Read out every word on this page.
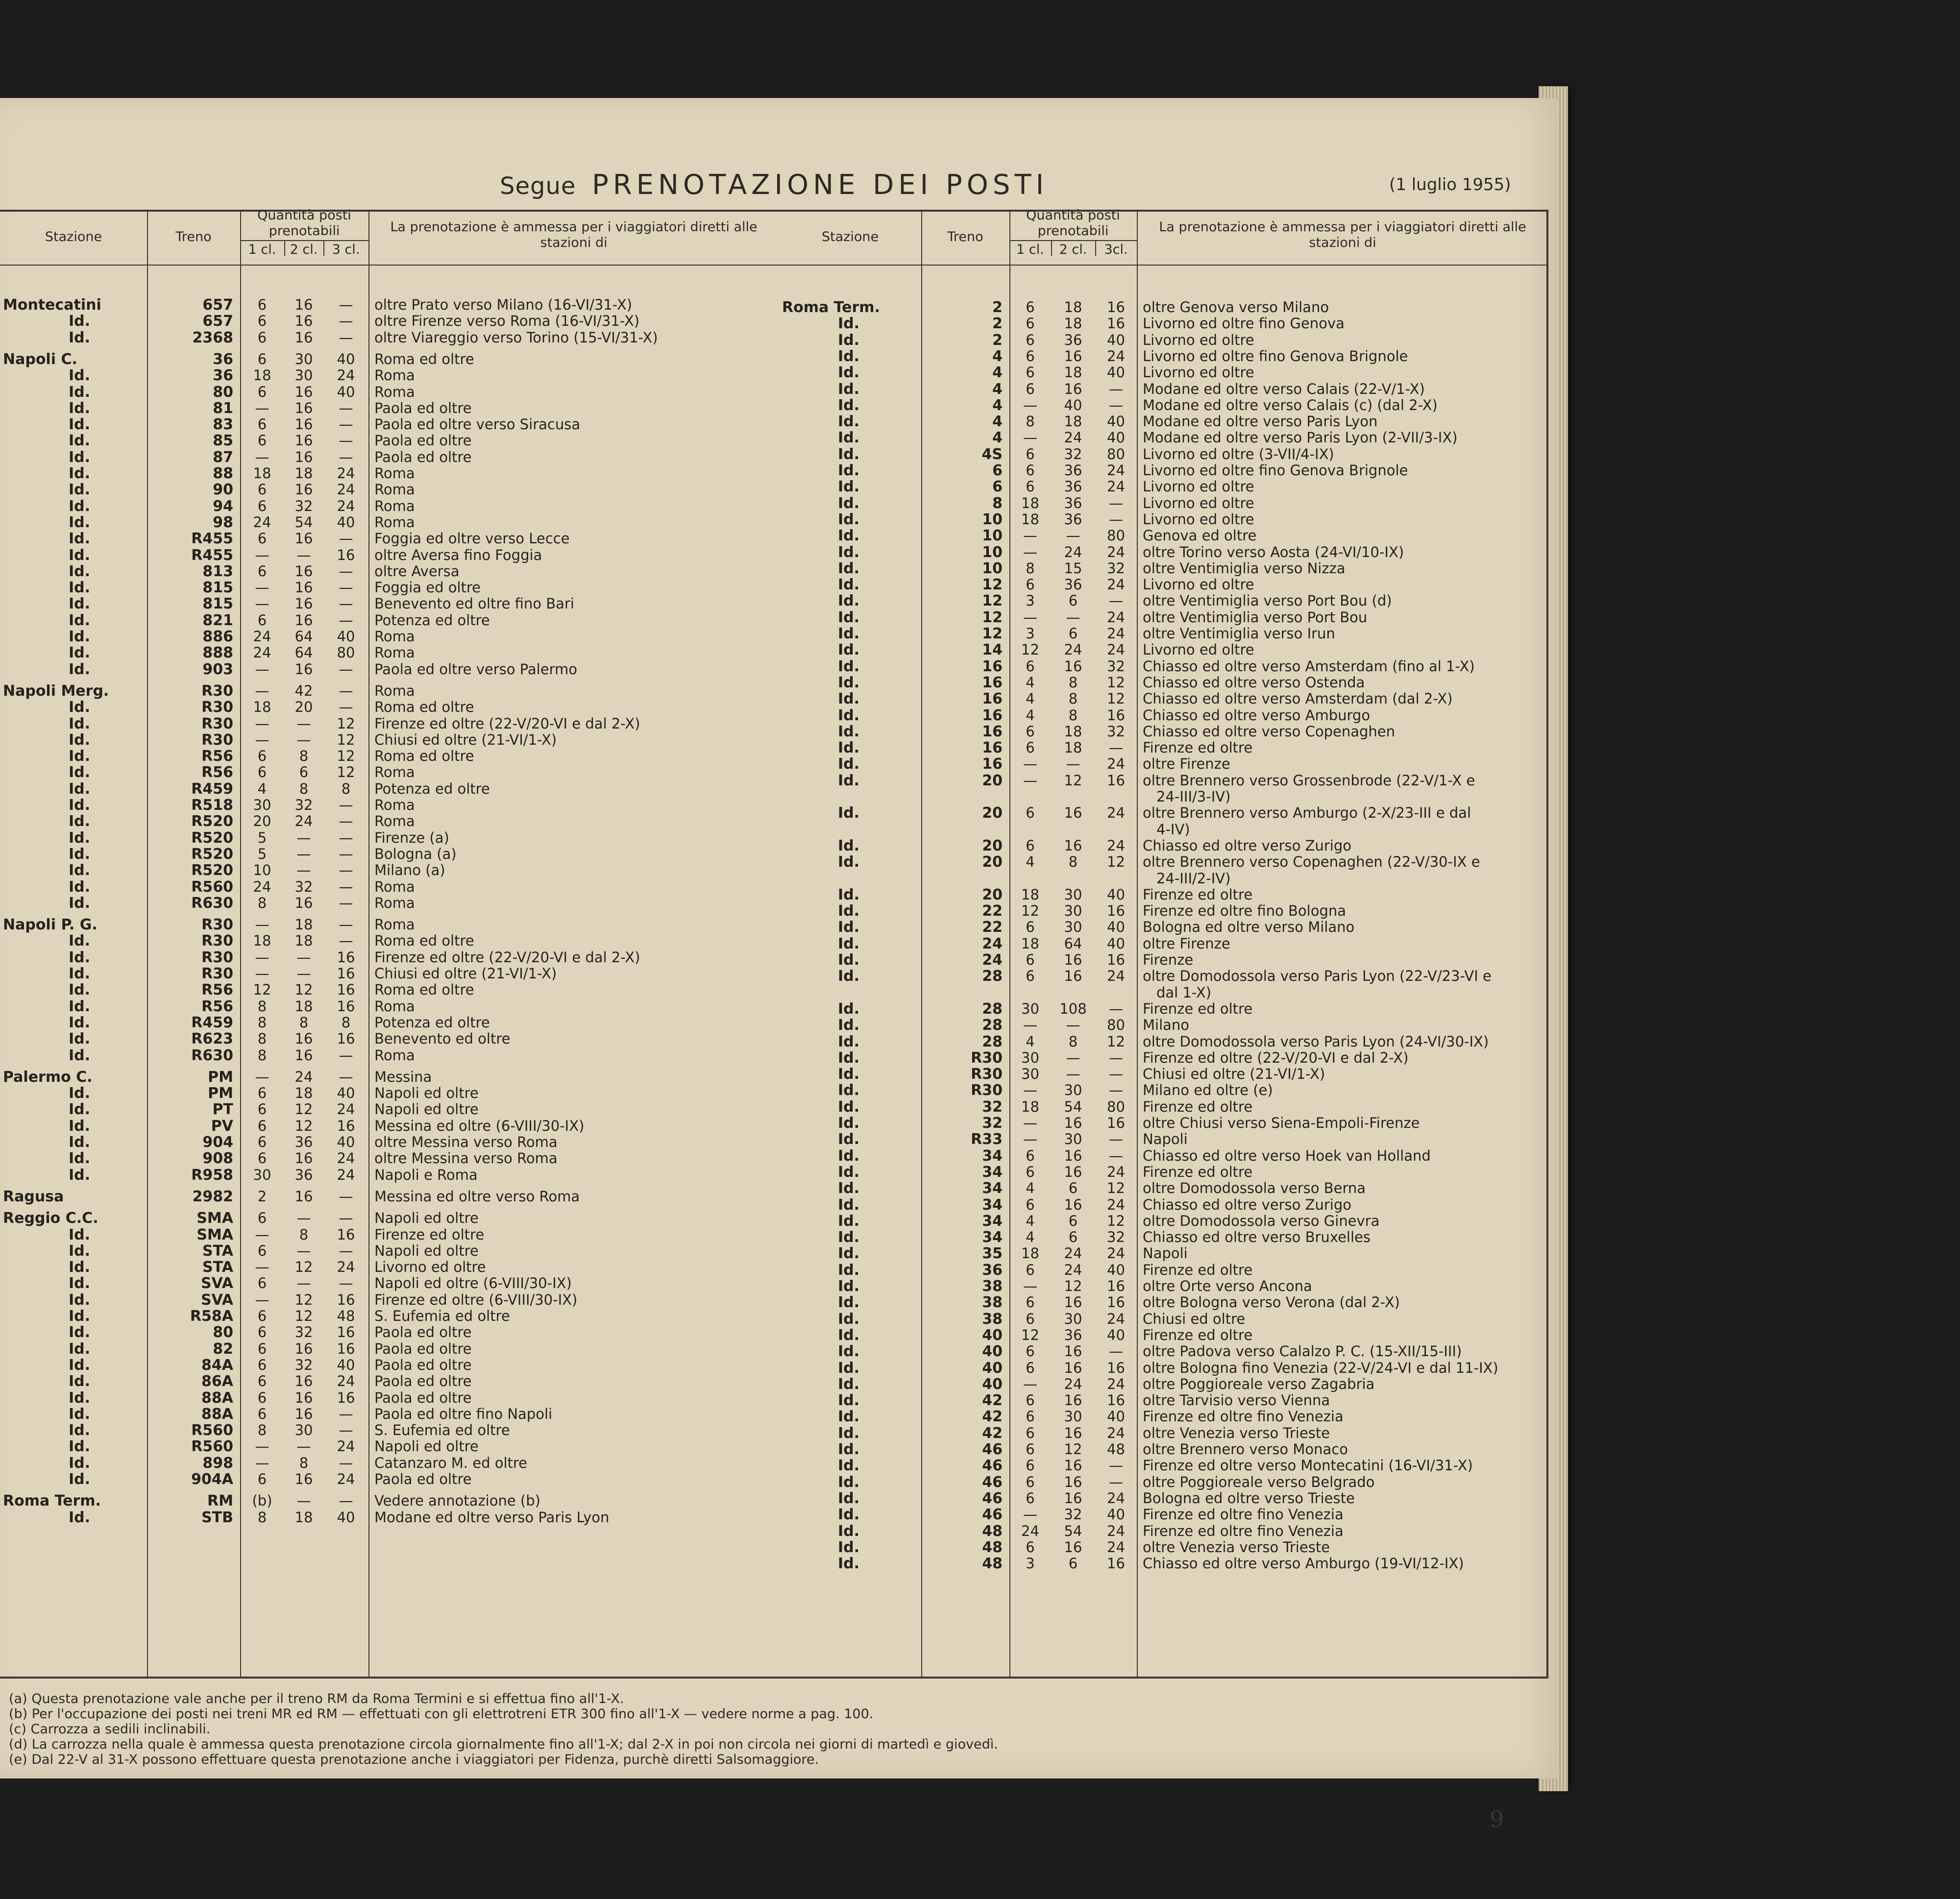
Segue PRENOTAZIONE DEI POSTI	(1 luglio 1955)
Stazione	Treno
Quantità posti prenotabili
1 cl.	2 cl.	3 cl.
La prenotazione è ammessa per i viaggiatori diretti alle stazioni di
Montecatini	657	6	16	—	oltre Prato verso Milano (16-VI/31-X)
Id.	657	6	16	—	oltre Firenze verso Roma (16-VI/31-X)
Id.	2368	6	16	—	oltre Viareggio verso Torino (15-VI/31-X)
Napoli C.	36	6	30	40	Roma ed oltre
Id.	36	18	30	24	Roma
Id.	80	6	16	40	Roma
Id.	81	—	16	—	Paola ed oltre
Id.	83	6	16	—	Paola ed oltre verso Siracusa
Id.	85	6	16	—	Paola ed oltre
Id.	87	—	16	—	Paola ed oltre
Id.	88	18	18	24	Roma
Id.	90	6	16	24	Roma
Id.	94	6	32	24	Roma
Id.	98	24	54	40	Roma
Id.	R455	6	16	—	Foggia ed oltre verso Lecce
Id.	R455	—	—	16	oltre Aversa fino Foggia
Id.	813	6	16	—	oltre Aversa
Id.	815	—	16	—	Foggia ed oltre
Id.	815	—	16	—	Benevento ed oltre fino Bari
Id.	821	6	16	—	Potenza ed oltre
Id.	886	24	64	40	Roma
Id.	888	24	64	80	Roma
Id.	903	—	16	—	Paola ed oltre verso Palermo
Napoli Merg.	R30	—	42	—	Roma
Id.	R30	18	20	—	Roma ed oltre
Id.	R30	—	—	12	Firenze ed oltre (22-V/20-VI e dal 2-X)
Id.	R30	—	—	12	Chiusi ed oltre (21-VI/1-X)
Id.	R56	6	8	12	Roma ed oltre
Id.	R56	6	6	12	Roma
Id.	R459	4	8	8	Potenza ed oltre
Id.	R518	30	32	—	Roma
Id.	R520	20	24	—	Roma
Id.	R520	5	—	—	Firenze (a)
Id.	R520	5	—	—	Bologna (a)
Id.	R520	10	—	—	Milano (a)
Id.	R560	24	32	—	Roma
Id.	R630	8	16	—	Roma
Napoli P. G.	R30	—	18	—	Roma
Id.	R30	18	18	—	Roma ed oltre
Id.	R30	—	—	16	Firenze ed oltre (22-V/20-VI e dal 2-X)
Id.	R30	—	—	16	Chiusi ed oltre (21-VI/1-X)
Id.	R56	12	12	16	Roma ed oltre
Id.	R56	8	18	16	Roma
Id.	R459	8	8	8	Potenza ed oltre
Id.	R623	8	16	16	Benevento ed oltre
Id.	R630	8	16	—	Roma
Palermo C.	PM	—	24	—	Messina
Id.	PM	6	18	40	Napoli ed oltre
Id.	PT	6	12	24	Napoli ed oltre
Id.	PV	6	12	16	Messina ed oltre (6-VIII/30-IX)
Id.	904	6	36	40	oltre Messina verso Roma
Id.	908	6	16	24	oltre Messina verso Roma
Id.	R958	30	36	24	Napoli e Roma
Ragusa	2982	2	16	—	Messina ed oltre verso Roma
Reggio C.C.	SMA	6	—	—	Napoli ed oltre
Id.	SMA	—	8	16	Firenze ed oltre
Id.	STA	6	—	—	Napoli ed oltre
Id.	STA	—	12	24	Livorno ed oltre
Id.	SVA	6	—	—	Napoli ed oltre (6-VIII/30-IX)
Id.	SVA	—	12	16	Firenze ed oltre (6-VIII/30-IX)
Id.	R58A	6	12	48	S. Eufemia ed oltre
Id.	80	6	32	16	Paola ed oltre
Id.	82	6	16	16	Paola ed oltre
Id.	84A	6	32	40	Paola ed oltre
Id.	86A	6	16	24	Paola ed oltre
Id.	88A	6	16	16	Paola ed oltre
Id.	88A	6	16	—	Paola ed oltre fino Napoli
Id.	R560	8	30	—	S. Eufemia ed oltre
Id.	R560	—	—	24	Napoli ed oltre
Id.	898	—	8	—	Catanzaro M. ed oltre
Id.	904A	6	16	24	Paola ed oltre
Roma Term.	RM	(b)	—	—	Vedere annotazione (b)
Id.	STB	8	18	40	Modane ed oltre verso Paris Lyon
Stazione	Treno
Quantità posti prenotabili
1 cl.	2 cl.	3cl.
La prenotazione è ammessa per i viaggiatori diretti alle stazioni di
Roma Term.	2	6	18	16	oltre Genova verso Milano
Id.	2	6	18	16	Livorno ed oltre fino Genova
Id.	2	6	36	40	Livorno ed oltre
Id.	4	6	16	24	Livorno ed oltre fino Genova Brignole
Id.	4	6	18	40	Livorno ed oltre
Id.	4	6	16	—	Modane ed oltre verso Calais (22-V/1-X)
Id.	4	—	40	—	Modane ed oltre verso Calais (c) (dal 2-X)
Id.	4	8	18	40	Modane ed oltre verso Paris Lyon
Id.	4	—	24	40	Modane ed oltre verso Paris Lyon (2-VII/3-IX)
Id.	4S	6	32	80	Livorno ed oltre (3-VII/4-IX)
Id.	6	6	36	24	Livorno ed oltre fino Genova Brignole
Id.	6	6	36	24	Livorno ed oltre
Id.	8	18	36	—	Livorno ed oltre
Id.	10	18	36	—	Livorno ed oltre
Id.	10	—	—	80	Genova ed oltre
Id.	10	—	24	24	oltre Torino verso Aosta (24-VI/10-IX)
Id.	10	8	15	32	oltre Ventimiglia verso Nizza
Id.	12	6	36	24	Livorno ed oltre
Id.	12	3	6	—	oltre Ventimiglia verso Port Bou (d)
Id.	12	—	—	24	oltre Ventimiglia verso Port Bou
Id.	12	3	6	24	oltre Ventimiglia verso Irun
Id.	14	12	24	24	Livorno ed oltre
Id.	16	6	16	32	Chiasso ed oltre verso Amsterdam (fino al 1-X)
Id.	16	4	8	12	Chiasso ed oltre verso Ostenda
Id.	16	4	8	12	Chiasso ed oltre verso Amsterdam (dal 2-X)
Id.	16	4	8	16	Chiasso ed oltre verso Amburgo
Id.	16	6	18	32	Chiasso ed oltre verso Copenaghen
Id.	16	6	18	—	Firenze ed oltre
Id.	16	—	—	24	oltre Firenze
Id.	20	—	12	16	oltre Brennero verso Grossenbrode (22-V/1-X e
24-III/3-IV)
Id.	20	6	16	24	oltre Brennero verso Amburgo (2-X/23-III e dal
4-IV)
Id.	20	6	16	24	Chiasso ed oltre verso Zurigo
Id.	20	4	8	12	oltre Brennero verso Copenaghen (22-V/30-IX e
24-III/2-IV)
Id.	20	18	30	40	Firenze ed oltre
Id.	22	12	30	16	Firenze ed oltre fino Bologna
Id.	22	6	30	40	Bologna ed oltre verso Milano
Id.	24	18	64	40	oltre Firenze
Id.	24	6	16	16	Firenze
Id.	28	6	16	24	oltre Domodossola verso Paris Lyon (22-V/23-VI e
dal 1-X)
Id.	28	30	108	—	Firenze ed oltre
Id.	28	—	—	80	Milano
Id.	28	4	8	12	oltre Domodossola verso Paris Lyon (24-VI/30-IX)
Id.	R30	30	—	—	Firenze ed oltre (22-V/20-VI e dal 2-X)
Id.	R30	30	—	—	Chiusi ed oltre (21-VI/1-X)
Id.	R30	—	30	—	Milano ed oltre (e)
Id.	32	18	54	80	Firenze ed oltre
Id.	32	—	16	16	oltre Chiusi verso Siena-Empoli-Firenze
Id.	R33	—	30	—	Napoli
Id.	34	6	16	—	Chiasso ed oltre verso Hoek van Holland
Id.	34	6	16	24	Firenze ed oltre
Id.	34	4	6	12	oltre Domodossola verso Berna
Id.	34	6	16	24	Chiasso ed oltre verso Zurigo
Id.	34	4	6	12	oltre Domodossola verso Ginevra
Id.	34	4	6	32	Chiasso ed oltre verso Bruxelles
Id.	35	18	24	24	Napoli
Id.	36	6	24	40	Firenze ed oltre
Id.	38	—	12	16	oltre Orte verso Ancona
Id.	38	6	16	16	oltre Bologna verso Verona (dal 2-X)
Id.	38	6	30	24	Chiusi ed oltre
Id.	40	12	36	40	Firenze ed oltre
Id.	40	6	16	—	oltre Padova verso Calalzo P. C. (15-XII/15-III)
Id.	40	6	16	16	oltre Bologna fino Venezia (22-V/24-VI e dal 11-IX)
Id.	40	—	24	24	oltre Poggioreale verso Zagabria
Id.	42	6	16	16	oltre Tarvisio verso Vienna
Id.	42	6	30	40	Firenze ed oltre fino Venezia
Id.	42	6	16	24	oltre Venezia verso Trieste
Id.	46	6	12	48	oltre Brennero verso Monaco
Id.	46	6	16	—	Firenze ed oltre verso Montecatini (16-VI/31-X)
Id.	46	6	16	—	oltre Poggioreale verso Belgrado
Id.	46	6	16	24	Bologna ed oltre verso Trieste
Id.	46	—	32	40	Firenze ed oltre fino Venezia
Id.	48	24	54	24	Firenze ed oltre fino Venezia
Id.	48	6	16	24	oltre Venezia verso Trieste
Id.	48	3	6	16	Chiasso ed oltre verso Amburgo (19-VI/12-IX)
(a) Questa prenotazione vale anche per il treno RM da Roma Termini e si effettua fino all'1-X.
(b) Per l'occupazione dei posti nei treni MR ed RM — effettuati con gli elettrotreni ETR 300 fino all'1-X — vedere norme a pag. 100.
(c) Carrozza a sedili inclinabili.
(d) La carrozza nella quale è ammessa questa prenotazione circola giornalmente fino all'1-X; dal 2-X in poi non circola nei giorni di martedì e giovedì.
(e) Dal 22-V al 31-X possono effettuare questa prenotazione anche i viaggiatori per Fidenza, purchè diretti Salsomaggiore.
9
